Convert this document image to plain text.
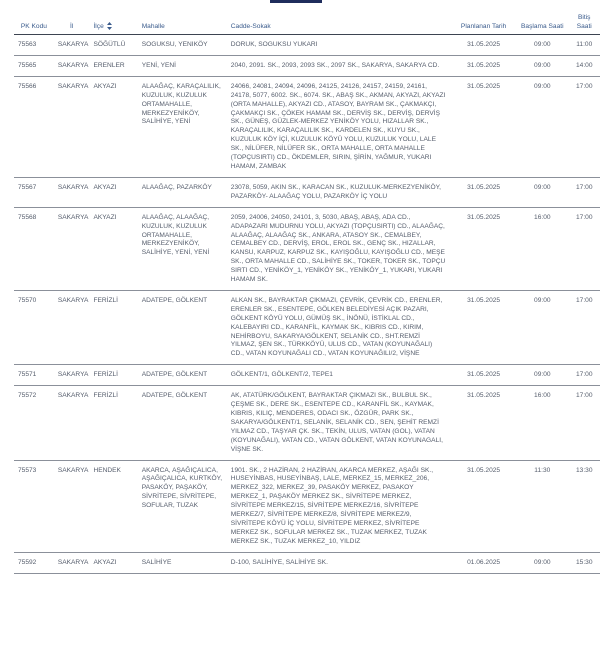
PK Kodu	İl	İlçe	Mahalle	Cadde-Sokak	Planlanan Tarih	Başlama Saati	Bitiş Saati
75563	SAKARYA	SÖĞÜTLÜ	SOGUKSU, YENIKÖY	DORUK, SOGUKSU YUKARI	31.05.2025	09:00	11:00
75565	SAKARYA	ERENLER	YENİ, YENİ	2040, 2091. SK., 2093, 2093 SK., 2097 SK., SAKARYA, SAKARYA CD.	31.05.2025	09:00	14:00
75566	SAKARYA	AKYAZI	ALAAĞAÇ, KARAÇALILIK, KUZULUK, KUZULUK ORTAMAHALLE, MERKEZYENİKÖY, SALİHİYE, YENİ	24066, 24081, 24094, 24096, 24125, 24126, 24157, 24159, 24161, 24178, 5077, 6002. SK., 6074. SK., ABAŞ SK., AKMAN, AKYAZI, AKYAZI (ORTA MAHALLE), AKYAZI CD., ATASOY, BAYRAM SK., ÇAKMAKÇI, ÇAKMAKÇI SK., ÇÖKEK HAMAM SK., DERVİŞ SK., DERVİŞ, DERVİŞ SK., GÜNEŞ, GÜZLEK-MERKEZ YENİKÖY YOLU, HIZALLAR SK., KARAÇALILIK, KARAÇALILIK SK., KARDELEN SK., KUYU SK., KUZULUK KÖY İÇİ, KUZULUK KÖYÜ YOLU, KUZULUK YOLU, LALE SK., NİLÜFER, NİLÜFER SK., ORTA MAHALLE, ORTA MAHALLE (TOPÇUSIRTI) CD., ÖKDEMLER, SIRIN, ŞİRİN, YAĞMUR, YUKARI HAMAM, ZAMBAK	31.05.2025	09:00	17:00
75567	SAKARYA	AKYAZI	ALAAĞAÇ, PAZARKÖY	23078, 5059, AKIN SK., KARACAN SK., KUZULUK-MERKEZYENİKÖY, PAZARKÖY- ALAAĞAÇ YOLU, PAZARKÖY İÇ YOLU	31.05.2025	09:00	17:00
75568	SAKARYA	AKYAZI	ALAAĞAÇ, ALAAĞAÇ, KUZULUK, KUZULUK ORTAMAHALLE, MERKEZYENİKÖY, SALİHİYE, YENİ, YENİ	2059, 24006, 24050, 24101, 3, 5030, ABAŞ, ABAŞ, ADA CD., ADAPAZARI MUDURNU YOLU, AKYAZI (TOPÇUSIRTI) CD., ALAAĞAÇ, ALAAĞAÇ, ALAAĞAÇ SK., ANKARA, ATASOY SK., CEMALBEY, CEMALBEY CD., DERVİŞ, EROL, EROL SK., GENÇ SK., HIZALLAR, KANSU, KARPUZ, KARPUZ SK., KAYIŞOĞLU, KAYIŞOĞLU CD., MEŞE SK., ORTA MAHALLE CD., SALİHİYE SK., TOKER, TOKER SK., TOPÇU SIRTI CD., YENİKÖY_1, YENİKÖY SK., YENİKÖY_1, YUKARI, YUKARI HAMAM SK.	31.05.2025	16:00	17:00
75570	SAKARYA	FERİZLİ	ADATEPE, GÖLKENT	ALKAN SK., BAYRAKTAR ÇIKMAZI, ÇEVRİK, ÇEVRİK CD., ERENLER, ERENLER SK., ESENTEPE, GÖLKEN BELEDİYESİ AÇIK PAZARI, GÖLKENT KÖYÜ YOLU, GÜMÜŞ SK., İNÖNÜ, İSTİKLAL CD., KALEBAYIRI CD., KARANFİL, KAYMAK SK., KIBRIS CD., KIRIM, NEHİRBOYU, SAKARYA/GÖLKENT, SELANİK CD., SHT.REMZİ YILMAZ, ŞEN SK., TÜRKKÖYÜ, ULUS CD., VATAN (KOYUNAĞALI) CD., VATAN KOYUNAĞALI CD., VATAN KOYUNAĞILI/2, VİŞNE	31.05.2025	09:00	17:00
75571	SAKARYA	FERİZLİ	ADATEPE, GÖLKENT	GÖLKENT/1, GÖLKENT/2, TEPE1	31.05.2025	09:00	17:00
75572	SAKARYA	FERİZLİ	ADATEPE, GÖLKENT	AK, ATATÜRK/GÖLKENT, BAYRAKTAR ÇIKMAZI SK., BULBUL SK., ÇEŞME SK., DERE SK., ESENTEPE CD., KARANFİL SK., KAYMAK, KIBRIS, KILIÇ, MENDERES, ODACI SK., ÖZGÜR, PARK SK., SAKARYA/GÖLKENT/1, SELANİK, SELANİK CD., SEN, ŞEHİT REMZİ YILMAZ CD., TAŞYAR ÇK. SK., TEKİN, ULUS, VATAN (GOL), VATAN (KOYUNAĞALI), VATAN CD., VATAN GÖLKENT, VATAN KOYUNAGALI, VİŞNE SK.	31.05.2025	16:00	17:00
75573	SAKARYA	HENDEK	AKARCA, AŞAĞIÇALICA, AŞAĞIÇALICA, KURTKÖY, PASAKÖY, PAŞAKÖY, SİVRİTEPE, SİVRİTEPE, SOFULAR, TUZAK	1901. SK., 2 HAZİRAN, 2 HAZİRAN, AKARCA MERKEZ, AŞAĞI SK., HUSEYİNBAS, HUSEYİNBAŞ, LALE, MERKEZ_15, MERKEZ_206, MERKEZ_322, MERKEZ_39, PASAKÖY MERKEZ, PASAKOY MERKEZ_1, PAŞAKÖY MERKEZ SK., SİVRİTEPE MERKEZ, SİVRİTEPE MERKEZ/15, SİVRİTEPE MERKEZ/16, SİVRİTEPE MERKEZ/7, SİVRİTEPE MERKEZ/8, SİVRİTEPE MERKEZ/9, SİVRİTEPE KÖYÜ İÇ YOLU, SİVRİTEPE MERKEZ, SİVRİTEPE MERKEZ SK., SOFULAR MERKEZ SK., TUZAK MERKEZ, TUZAK MERKEZ SK., TUZAK MERKEZ_10, YILDIZ	31.05.2025	11:30	13:30
75592	SAKARYA	AKYAZI	SALİHİYE	D-100, SALİHİYE, SALİHİYE SK.	01.06.2025	09:00	15:30
